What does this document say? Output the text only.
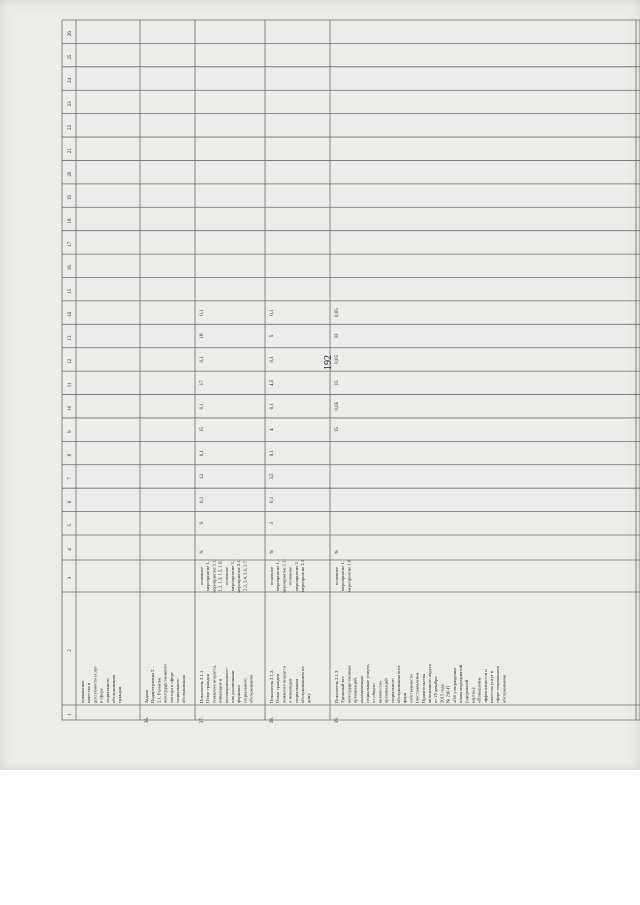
192
1
2
3
4
5
6
7
8
9
10
11
12
13
14
15
16
17
18
19
20
21
22
23
24
25
26
повышение качества и доступности услуг в сфере социального обслуживания граждан
36.
Задача Подпрограммы 2 – 2.1. Развитие негосударственного сектора в сфере социального обслуживания
37.
Показатель 2.1.1. Охват граждан пожилого возраста, инвалидов и несовершеннолет- них различными формами социального обслуживания
основное мероприятие 1, мероприятие 1.1, 1.2, 1.3, 1.5, 1.6; основное мероприятие 3, мероприятие 2.1, 2.2, 2.4, 2.6, 2.7
%
9
0,1
12
0,1
15
0,1
17
0,1
18
0,1
38.
Показатель 2.1.2. Охват граждан пожилого возраста и инвалидов социальным обслуживанием на дому
основное мероприятие 1, мероприятие 1.1; основное мероприятие 2, мероприятие 2.1
%
3
0,1
3,5
0,1
4
0,1
4,5
0,1
5
0,1
39.
Показатель 2.1.3. Удельный вес негосударственных организаций, оказывающих социальные услуги, от общего количества организаций социального обслуживания всех форм собственности (постановление Правительства автономного округа от 25 декабря 2015 года № 230-П «Об утверждении плана мероприятий («дорожной карты») «Повышение эффективности и качества услуг в сфере социального обслуживания
основное мероприятие 1, мероприятие 1.8
%
15
0,05
15
0,05
33
0,05
